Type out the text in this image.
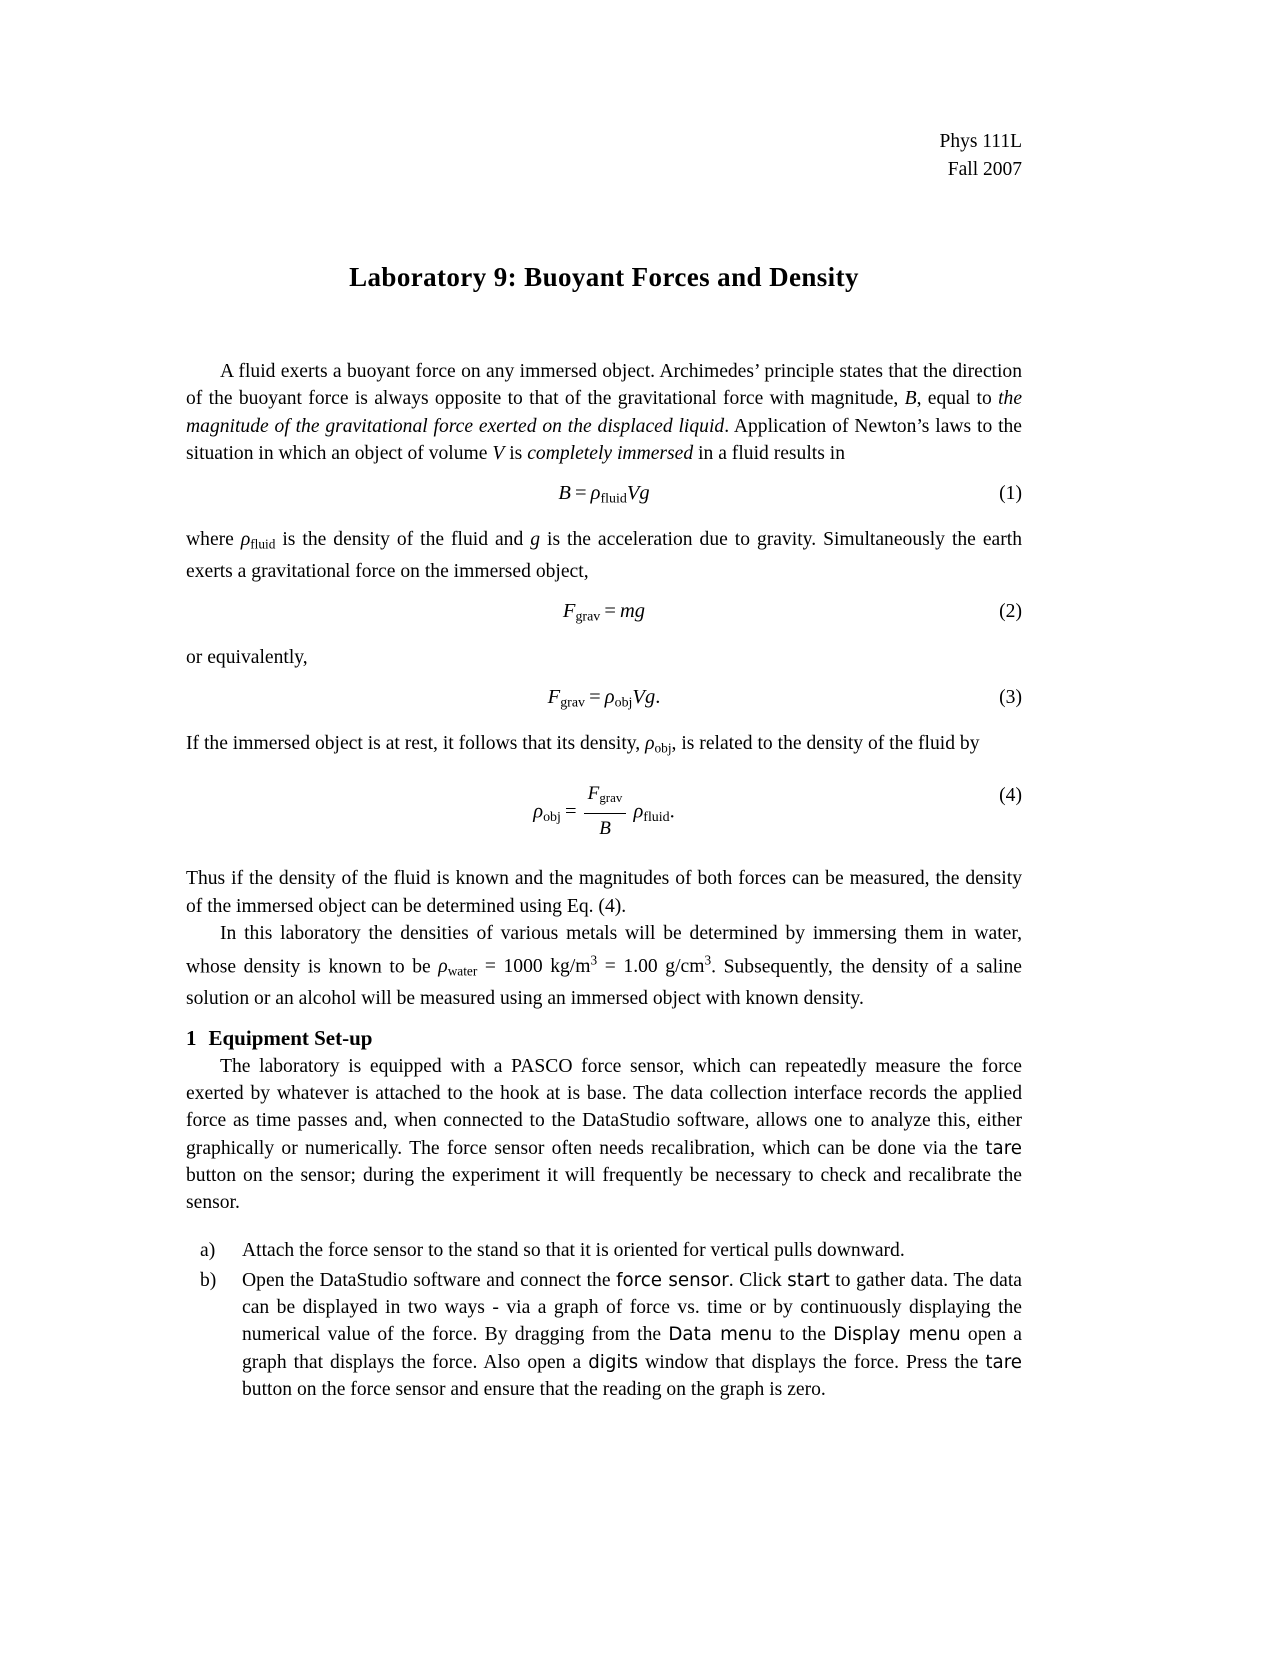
Phys 111L
Fall 2007
Laboratory 9: Buoyant Forces and Density

A fluid exerts a buoyant force on any immersed object. Archimedes’ principle states that the direction of the buoyant force is always opposite to that of the gravitational force with magnitude, B, equal to the magnitude of the gravitational force exerted on the displaced liquid. Application of Newton’s laws to the situation in which an object of volume V is completely immersed in a fluid results in

$B = \rho_{fluid}Vg$	(1)

where $\rho_{fluid}$ is the density of the fluid and g is the acceleration due to gravity. Simultaneously the earth exerts a gravitational force on the immersed object,

$F_{grav}$  =  mg	(2)

or equivalently,

$F_{grav} = \rho_{obj}Vg$.	(3)

If the immersed object is at rest, it follows that its density, $\rho_{obj}$, is related to the density of the fluid by

$\rho_{obj} = \frac{F_{grav}}{B}$
  $\rho_{fluid}$.
(4)

Thus if the density of the fluid is known and the magnitudes of both forces can be measured, the density of the immersed object can be determined using Eq. (4).

In this laboratory the densities of various metals will be determined by immersing them in water, whose density is known to be $\rho_{water} = 1000$ $kg/m^3 = 1.00$ $g/cm^3$. Subsequently, the density of a saline solution or an alcohol will be measured using an immersed object with known density.

1 Equipment Set-up

The laboratory is equipped with a PASCO force sensor, which can repeatedly measure the force exerted by whatever is attached to the hook at is base. The data collection interface records the applied force as time passes and, when connected to the DataStudio software, allows one to analyze this, either graphically or numerically. The force sensor often needs recalibration, which can be done via the tare button on the sensor; during the experiment it will frequently be necessary to check and recalibrate the sensor.

a)	Attach the force sensor to the stand so that it is oriented for vertical pulls downward.
b)	Open the DataStudio software and connect the force sensor. Click start to gather data. The data can be displayed in two ways - via a graph of force vs. time or by continuously displaying the numerical value of the force. By dragging from the Data menu to the Display menu open a graph that displays the force. Also open a digits window that displays the force. Press the tare button on the force sensor and ensure that the reading on the graph is zero.
